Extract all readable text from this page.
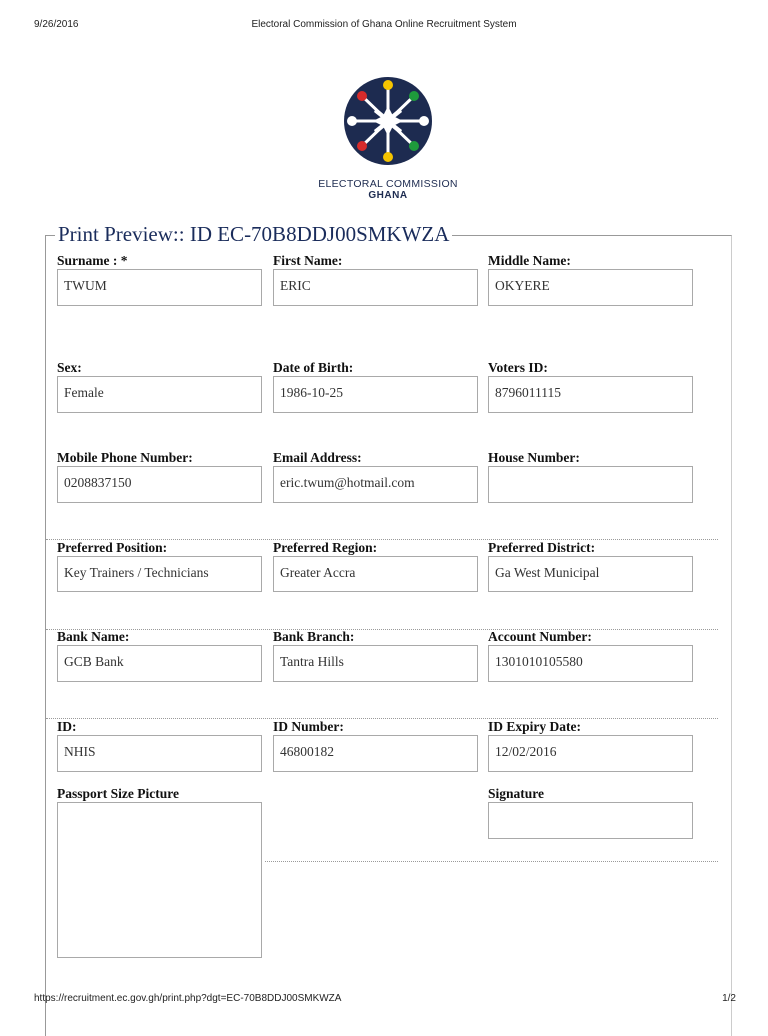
9/26/2016	Electoral Commission of Ghana Online Recruitment System
ELECTORAL COMMISSION
GHANA
Print Preview:: ID EC-70B8DDJ00SMKWZA
Surname : *	First Name:	Middle Name:
TWUM	ERIC	OKYERE
Sex:	Date of Birth:	Voters ID:
Female	1986-10-25	8796011115
Mobile Phone Number:	Email Address:	House Number:
0208837150	eric.twum@hotmail.com
Preferred Position:	Preferred Region:	Preferred District:
Key Trainers / Technicians	Greater Accra	Ga West Municipal
Bank Name:	Bank Branch:	Account Number:
GCB Bank	Tantra Hills	1301010105580
ID:	ID Number:	ID Expiry Date:
NHIS	46800182	12/02/2016
Passport Size Picture	Signature
https://recruitment.ec.gov.gh/print.php?dgt=EC-70B8DDJ00SMKWZA	1/2
